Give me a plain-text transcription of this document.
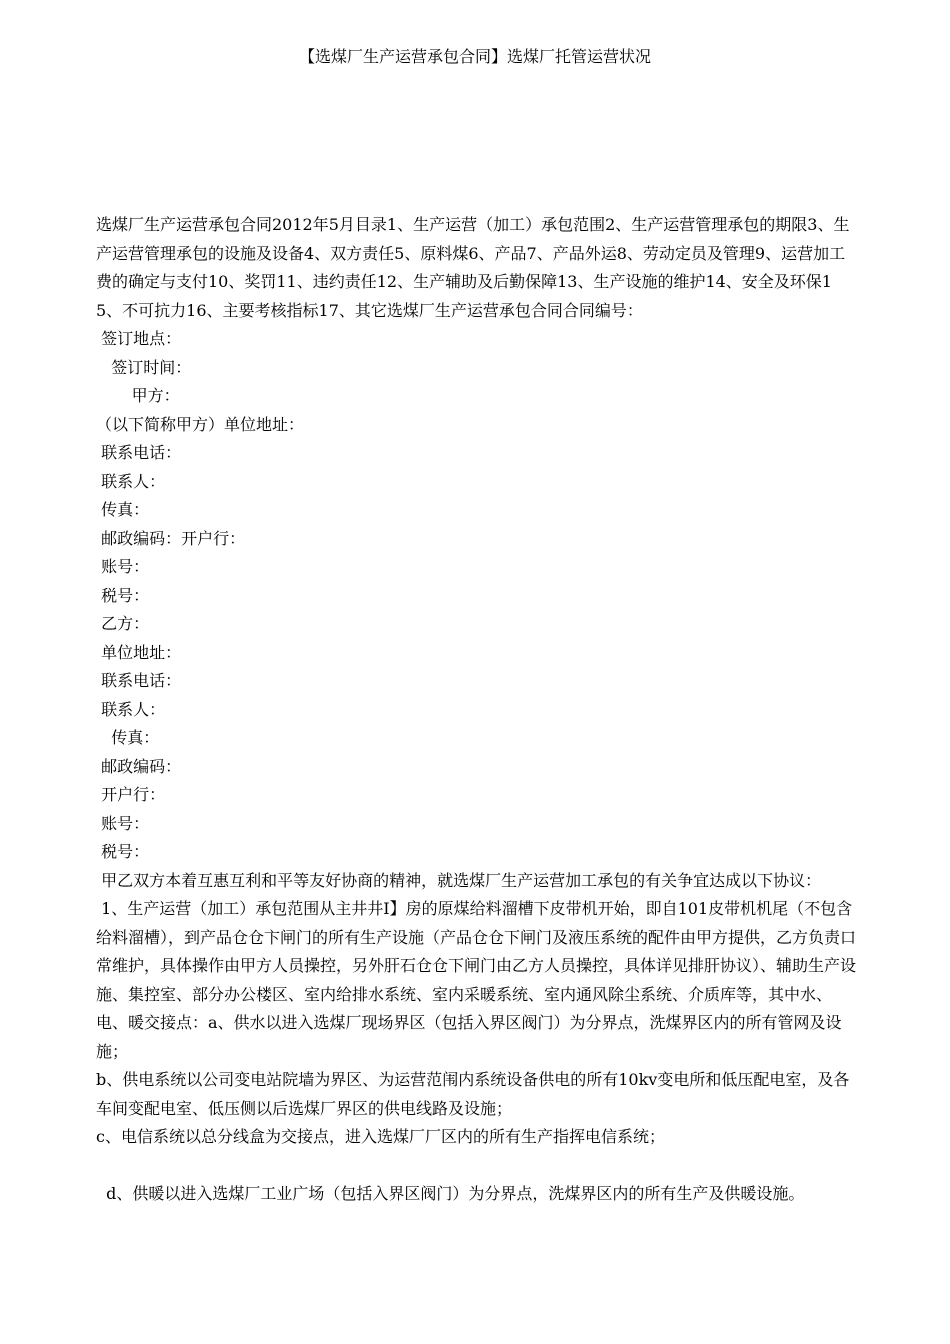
【选煤厂生产运营承包合同】选煤厂托管运营状况

选煤厂生产运营承包合同2012年5月目录1、生产运营（加工）承包范围2、生产运营管理承包的期限3、生产运营管理承包的设施及设备4、双方责任5、原料煤6、产品7、产品外运8、劳动定员及管理9、运营加工费的确定与支付10、奖罚11、违约责任12、生产辅助及后勤保障13、生产设施的维护14、安全及环保15、不可抗力16、主要考核指标17、其它选煤厂生产运营承包合同合同编号：

签订地点：

签订时间：

甲方：

（以下简称甲方）单位地址：

联系电话：

联系人：

传真：

邮政编码：开户行：

账号：

税号：

乙方：

单位地址：

联系电话：

联系人：

传真：

邮政编码：

开户行：

账号：

税号：

甲乙双方本着互惠互利和平等友好协商的精神，就选煤厂生产运营加工承包的有关争宜达成以下协议：

1、生产运营（加工）承包范围从主井井I】房的原煤给料溜槽下皮带机开始，即自101皮带机机尾（不包含给料溜槽），到产品仓仓卞闸门的所有生产设施（产品仓仓下闸门及液压系统的配件由甲方提供，乙方负责口常维护，具体操作由甲方人员操控，另外肝石仓仓下闸门由乙方人员操控，具体详见排肝协议）、辅助生产设施、集控室、部分办公楼区、室内给排水系统、室内采暖系统、室内通风除尘系统、介质库等，其中水、电、暖交接点：a、供水以进入选煤厂现场界区（包括入界区阀门）为分界点，洗煤界区内的所有管网及设施；

b、供电系统以公司变电站院墙为界区、为运营范闱内系统设备供电的所有10kv变电所和低压配电室，及各车间变配电室、低压侧以后选煤厂界区的供电线路及设施；

c、电信系统以总分线盒为交接点，进入选煤厂厂区内的所有生产指挥电信系统；

d、供暖以进入选煤厂工业广场（包括入界区阀门）为分界点，洗煤界区内的所有生产及供暖设施。
